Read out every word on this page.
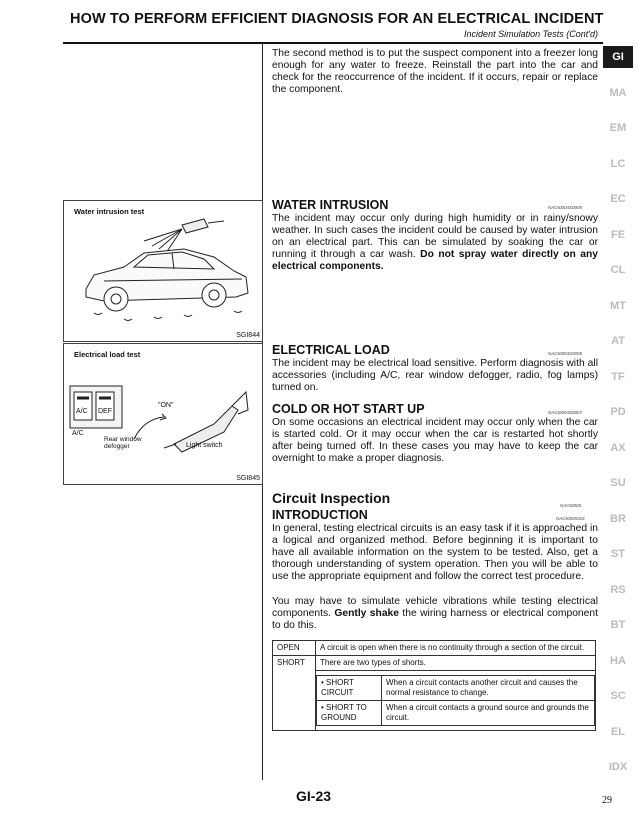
HOW TO PERFORM EFFICIENT DIAGNOSIS FOR AN ELECTRICAL INCIDENT
Incident Simulation Tests (Cont'd)
The second method is to put the suspect component into a freezer long enough for any water to freeze. Reinstall the part into the car and check for the reoccurrence of the incident. If it occurs, repair or replace the component.
Water intrusion test
SGI844
Electrical load test
A/C DEF
A/C
Rear window defogger
"ON"
Light switch
SGI845
WATER INTRUSION	NAGI0004S0005
The incident may occur only during high humidity or in rainy/snowy weather. In such cases the incident could be caused by water intrusion on an electrical part. This can be simulated by soaking the car or running it through a car wash. Do not spray water directly on any electrical components.
ELECTRICAL LOAD	NAGI0004S0006
The incident may be electrical load sensitive. Perform diagnosis with all accessories (including A/C, rear window defogger, radio, fog lamps) turned on.
COLD OR HOT START UP	NAGI0004S0007
On some occasions an electrical incident may occur only when the car is started cold. Or it may occur when the car is restarted hot shortly after being turned off. In these cases you may have to keep the car overnight to make a proper diagnosis.
Circuit Inspection	NAGI0005
INTRODUCTION	NAGI0005S01
In general, testing electrical circuits is an easy task if it is approached in a logical and organized method. Before beginning it is important to have all available information on the system to be tested. Also, get a thorough understanding of system operation. Then you will be able to use the appropriate equipment and follow the correct test procedure.
You may have to simulate vehicle vibrations while testing electrical components. Gently shake the wiring harness or electrical component to do this.
OPEN	A circuit is open when there is no continuity through a section of the circuit.
SHORT	There are two types of shorts.
• SHORT CIRCUIT	When a circuit contacts another circuit and causes the normal resistance to change.
• SHORT TO GROUND	When a circuit contacts a ground source and grounds the circuit.
GI
MA
EM
LC
EC
FE
CL
MT
AT
TF
PD
AX
SU
BR
ST
RS
BT
HA
SC
EL
IDX
GI-23	29
